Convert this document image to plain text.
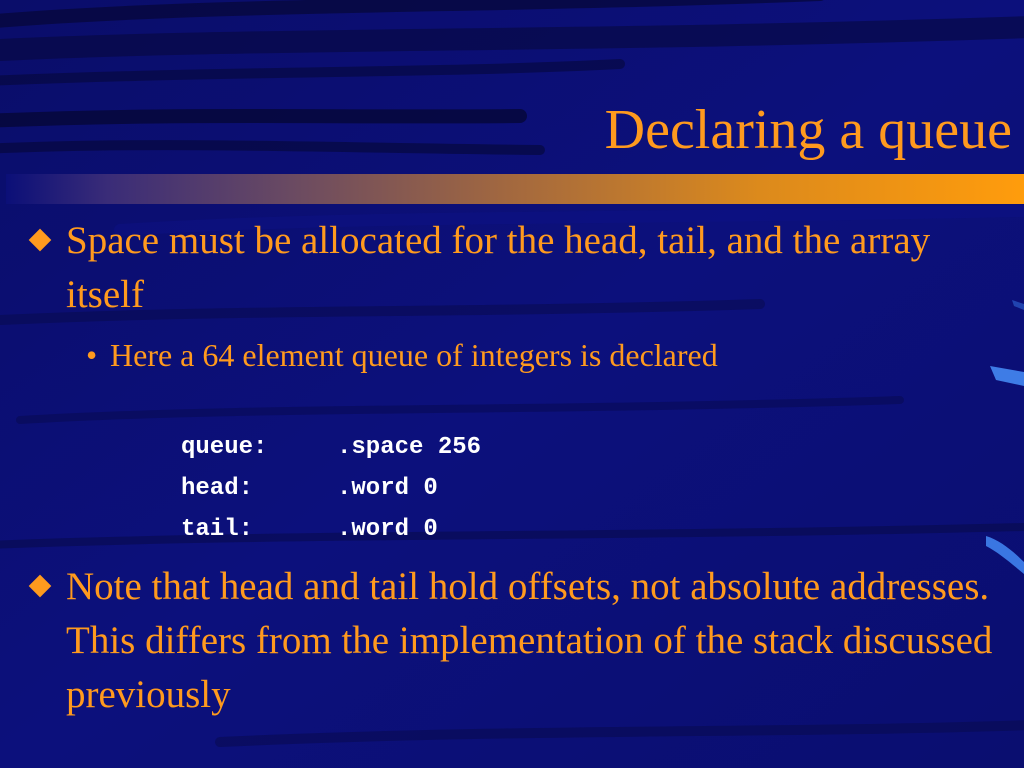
Declaring a queue
Space must be allocated for the head, tail, and the array itself
• Here a 64 element queue of integers is declared
queue:	.space 256
head:	.word 0
tail:	.word 0
Note that head and tail hold offsets, not absolute addresses. This differs from the implementation of the stack discussed previously
